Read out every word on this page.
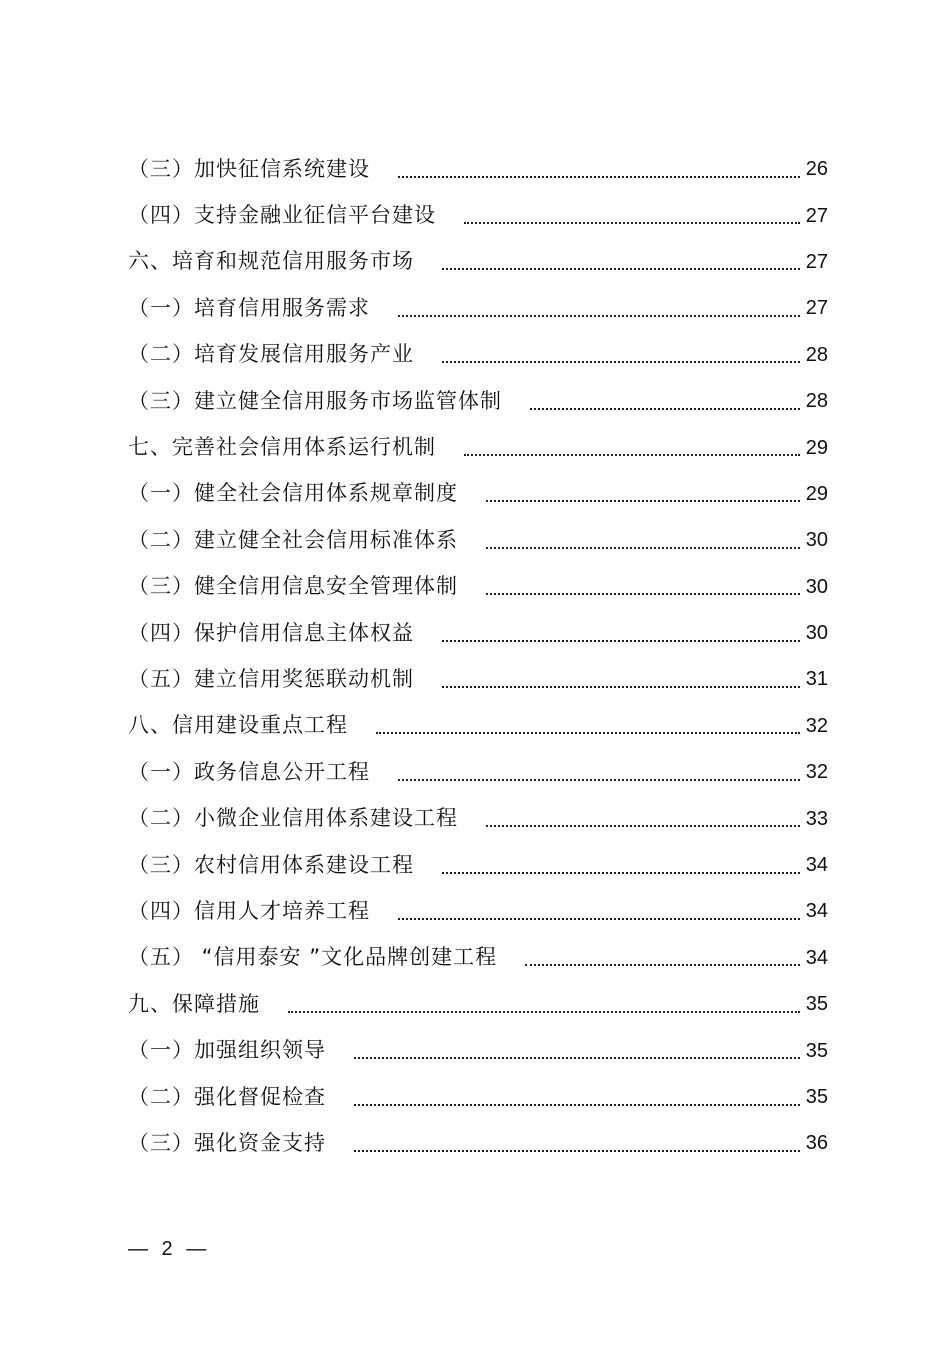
（三）加快征信系统建设	26
（四）支持金融业征信平台建设	27
六、培育和规范信用服务市场	27
（一）培育信用服务需求	27
（二）培育发展信用服务产业	28
（三）建立健全信用服务市场监管体制	28
七、完善社会信用体系运行机制	29
（一）健全社会信用体系规章制度	29
（二）建立健全社会信用标准体系	30
（三）健全信用信息安全管理体制	30
（四）保护信用信息主体权益	30
（五）建立信用奖惩联动机制	31
八、信用建设重点工程	32
（一）政务信息公开工程	32
（二）小微企业信用体系建设工程	33
（三）农村信用体系建设工程	34
（四）信用人才培养工程	34
（五） “信用泰安 ”文化品牌创建工程	34
九、保障措施	35
（一）加强组织领导	35
（二）强化督促检查	35
（三）强化资金支持	36
— 2 —
